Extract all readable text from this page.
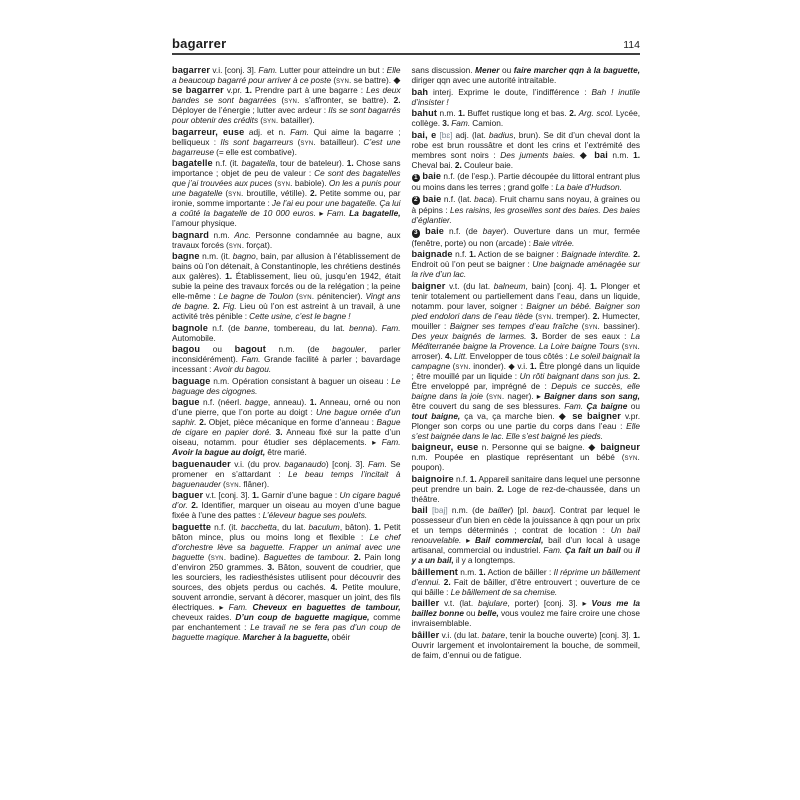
bagarrer	114

bagarrer v.i. [conj. 3]. Fam. Lutter pour atteindre un but : Elle a beaucoup bagarré pour arriver à ce poste (syn. se battre). ◆ se bagarrer v.pr. 1. Prendre part à une bagarre : Les deux bandes se sont bagarrées (syn. s’affronter, se battre). 2. Déployer de l’énergie ; lutter avec ardeur : Ils se sont bagarrés pour obtenir des crédits (syn. batailler).

bagarreur, euse adj. et n. Fam. Qui aime la bagarre ; belliqueux : Ils sont bagarreurs (syn. batailleur). C’est une bagarreuse (= elle est combative).

bagatelle n.f. (it. bagatella, tour de bateleur). 1. Chose sans importance ; objet de peu de valeur : Ce sont des bagatelles que j’ai trouvées aux puces (syn. babiole). On les a punis pour une bagatelle (syn. broutille, vétille). 2. Petite somme ou, par ironie, somme importante : Je l’ai eu pour une bagatelle. Ça lui a coûté la bagatelle de 10 000 euros. ▸ Fam. La bagatelle, l’amour physique.

bagnard n.m. Anc. Personne condamnée au bagne, aux travaux forcés (syn. forçat).

bagne n.m. (it. bagno, bain, par allusion à l’établissement de bains où l’on détenait, à Constantinople, les chrétiens destinés aux galères). 1. Établissement, lieu où, jusqu’en 1942, était subie la peine des travaux forcés ou de la relégation ; la peine elle-même : Le bagne de Toulon (syn. pénitencier). Vingt ans de bagne. 2. Fig. Lieu où l’on est astreint à un travail, à une activité très pénible : Cette usine, c’est le bagne !

bagnole n.f. (de banne, tombereau, du lat. benna). Fam. Automobile.

bagou ou bagout n.m. (de bagouler, parler inconsidérément). Fam. Grande facilité à parler ; bavardage incessant : Avoir du bagou.

baguage n.m. Opération consistant à baguer un oiseau : Le baguage des cigognes.

bague n.f. (néerl. bagge, anneau). 1. Anneau, orné ou non d’une pierre, que l’on porte au doigt : Une bague ornée d’un saphir. 2. Objet, pièce mécanique en forme d’anneau : Bague de cigare en papier doré. 3. Anneau fixé sur la patte d’un oiseau, notamm. pour étudier ses déplacements. ▸ Fam. Avoir la bague au doigt, être marié.

baguenauder v.i. (du prov. baganaudo) [conj. 3]. Fam. Se promener en s’attardant : Le beau temps l’incitait à baguenauder (syn. flâner).

baguer v.t. [conj. 3]. 1. Garnir d’une bague : Un cigare bagué d’or. 2. Identifier, marquer un oiseau au moyen d’une bague fixée à l’une des pattes : L’éleveur bague ses poulets.

baguette n.f. (it. bacchetta, du lat. baculum, bâton). 1. Petit bâton mince, plus ou moins long et flexible : Le chef d’orchestre lève sa baguette. Frapper un animal avec une baguette (syn. badine). Baguettes de tambour. 2. Pain long d’environ 250 grammes. 3. Bâton, souvent de coudrier, que les sourciers, les radiesthésistes utilisent pour découvrir des sources, des objets perdus ou cachés. 4. Petite moulure, souvent arrondie, servant à décorer, masquer un joint, des fils électriques. ▸ Fam. Cheveux en baguettes de tambour, cheveux raides. D’un coup de baguette magique, comme par enchantement : Le travail ne se fera pas d’un coup de baguette magique. Marcher à la baguette, obéir

sans discussion. Mener ou faire marcher qqn à la baguette, diriger qqn avec une autorité intraitable.

bah interj. Exprime le doute, l’indifférence : Bah ! inutile d’insister !

bahut n.m. 1. Buffet rustique long et bas. 2. Arg. scol. Lycée, collège. 3. Fam. Camion.

bai, e [bɛ] adj. (lat. badius, brun). Se dit d’un cheval dont la robe est brun roussâtre et dont les crins et l’extrémité des membres sont noirs : Des juments baies. ◆ bai n.m. 1. Cheval bai. 2. Couleur baie.

1 baie n.f. (de l’esp.). Partie découpée du littoral entrant plus ou moins dans les terres ; grand golfe : La baie d’Hudson.

2 baie n.f. (lat. baca). Fruit charnu sans noyau, à graines ou à pépins : Les raisins, les groseilles sont des baies. Des baies d’églantier.

3 baie n.f. (de bayer). Ouverture dans un mur, fermée (fenêtre, porte) ou non (arcade) : Baie vitrée.

baignade n.f. 1. Action de se baigner : Baignade interdite. 2. Endroit où l’on peut se baigner : Une baignade aménagée sur la rive d’un lac.

baigner v.t. (du lat. balneum, bain) [conj. 4]. 1. Plonger et tenir totalement ou partiellement dans l’eau, dans un liquide, notamm. pour laver, soigner : Baigner un bébé. Baigner son pied endolori dans de l’eau tiède (syn. tremper). 2. Humecter, mouiller : Baigner ses tempes d’eau fraîche (syn. bassiner). Des yeux baignés de larmes. 3. Border de ses eaux : La Méditerranée baigne la Provence. La Loire baigne Tours (syn. arroser). 4. Litt. Envelopper de tous côtés : Le soleil baignait la campagne (syn. inonder). ◆ v.i. 1. Être plongé dans un liquide ; être mouillé par un liquide : Un rôti baignant dans son jus. 2. Être enveloppé par, imprégné de : Depuis ce succès, elle baigne dans la joie (syn. nager). ▸ Baigner dans son sang, être couvert du sang de ses blessures. Fam. Ça baigne ou tout baigne, ça va, ça marche bien. ◆ se baigner v.pr. Plonger son corps ou une partie du corps dans l’eau : Elle s’est baignée dans le lac. Elle s’est baigné les pieds.

baigneur, euse n. Personne qui se baigne. ◆ baigneur n.m. Poupée en plastique représentant un bébé (syn. poupon).

baignoire n.f. 1. Appareil sanitaire dans lequel une personne peut prendre un bain. 2. Loge de rez-de-chaussée, dans un théâtre.

bail [baj] n.m. (de bailler) [pl. baux]. Contrat par lequel le possesseur d’un bien en cède la jouissance à qqn pour un prix et un temps déterminés ; contrat de location : Un bail renouvelable. ▸ Bail commercial, bail d’un local à usage artisanal, commercial ou industriel. Fam. Ça fait un bail ou il y a un bail, il y a longtemps.

bâillement n.m. 1. Action de bâiller : Il réprime un bâillement d’ennui. 2. Fait de bâiller, d’être entrouvert ; ouverture de ce qui bâille : Le bâillement de sa chemise.

bailler v.t. (lat. bajulare, porter) [conj. 3]. ▸ Vous me la baillez bonne ou belle, vous voulez me faire croire une chose invraisemblable.

bâiller v.i. (du lat. batare, tenir la bouche ouverte) [conj. 3]. 1. Ouvrir largement et involontairement la bouche, de sommeil, de faim, d’ennui ou de fatigue.
